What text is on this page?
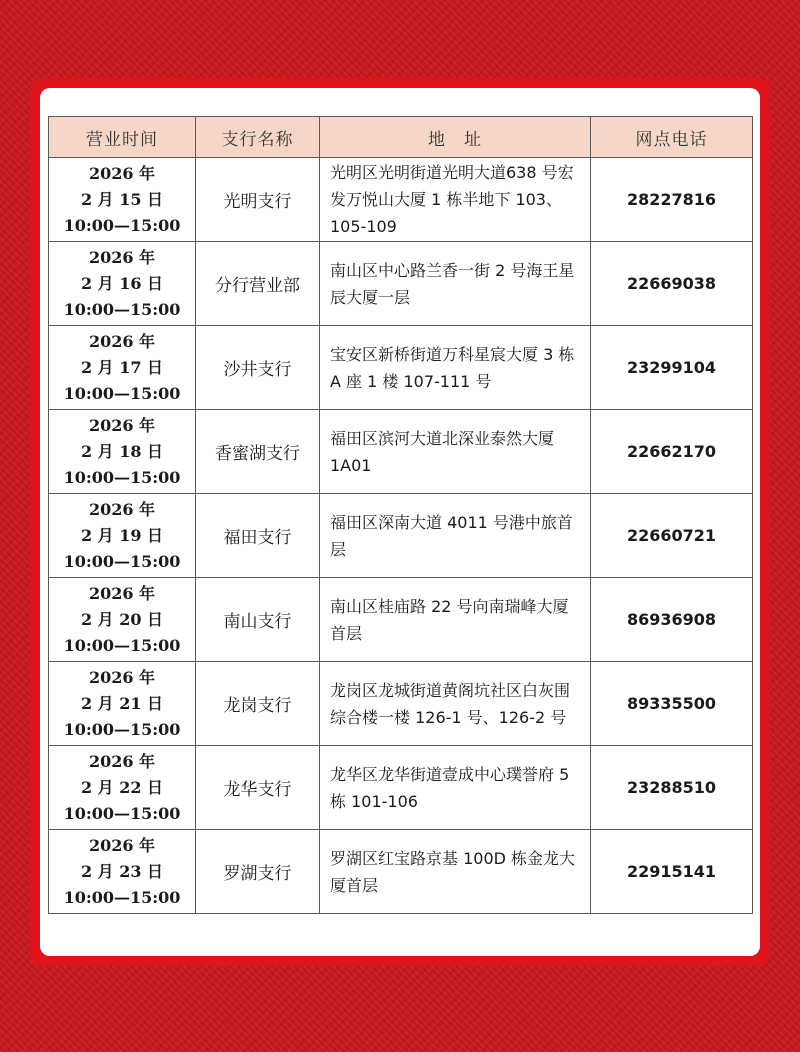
营业时间	支行名称	地　址	网点电话

2026 年
2 月 15 日
10:00—15:00	光明支行	光明区光明街道光明大道638 号宏发万悦山大厦 1 栋半地下 103、105-109	28227816

2026 年
2 月 16 日
10:00—15:00	分行营业部	南山区中心路兰香一街 2 号海王星辰大厦一层	22669038

2026 年
2 月 17 日
10:00—15:00	沙井支行	宝安区新桥街道万科星宸大厦 3 栋 A 座 1 楼 107-111 号	23299104

2026 年
2 月 18 日
10:00—15:00	香蜜湖支行	福田区滨河大道北深业泰然大厦 1A01	22662170

2026 年
2 月 19 日
10:00—15:00	福田支行	福田区深南大道 4011 号港中旅首层	22660721

2026 年
2 月 20 日
10:00—15:00	南山支行	南山区桂庙路 22 号向南瑞峰大厦首层	86936908

2026 年
2 月 21 日
10:00—15:00	龙岗支行	龙岗区龙城街道黄阁坑社区白灰围综合楼一楼 126-1 号、126-2 号	89335500

2026 年
2 月 22 日
10:00—15:00	龙华支行	龙华区龙华街道壹成中心璞誉府 5 栋 101-106	23288510

2026 年
2 月 23 日
10:00—15:00	罗湖支行	罗湖区红宝路京基 100D 栋金龙大厦首层	22915141
